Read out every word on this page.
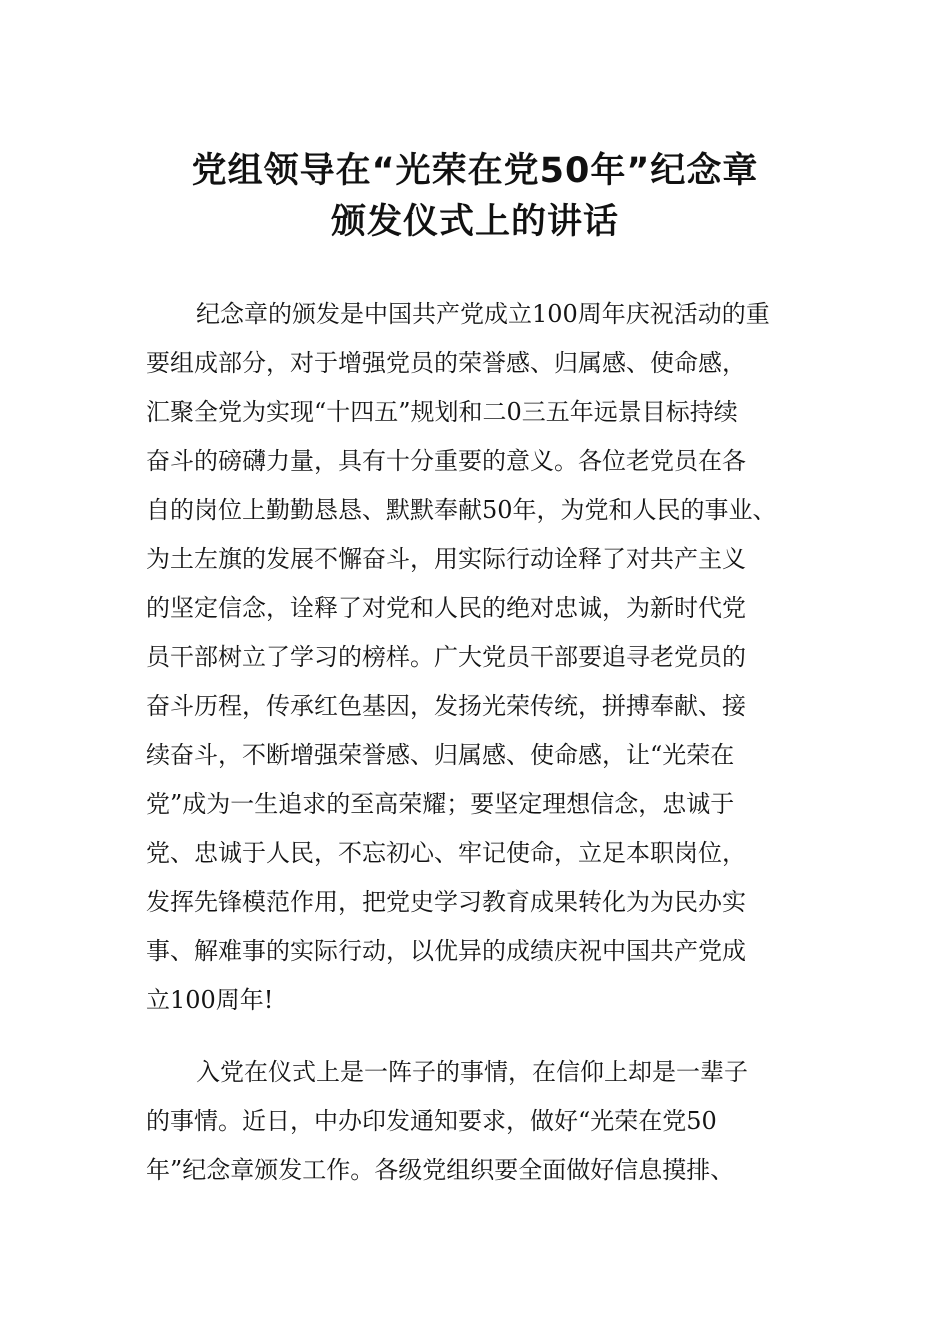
党组领导在“光荣在党50年”纪念章
颁发仪式上的讲话
纪念章的颁发是中国共产党成立100周年庆祝活动的重
要组成部分，对于增强党员的荣誉感、归属感、使命感，
汇聚全党为实现“十四五”规划和二0三五年远景目标持续
奋斗的磅礴力量，具有十分重要的意义。各位老党员在各
自的岗位上勤勤恳恳、默默奉献50年，为党和人民的事业、
为土左旗的发展不懈奋斗，用实际行动诠释了对共产主义
的坚定信念，诠释了对党和人民的绝对忠诚，为新时代党
员干部树立了学习的榜样。广大党员干部要追寻老党员的
奋斗历程，传承红色基因，发扬光荣传统，拼搏奉献、接
续奋斗，不断增强荣誉感、归属感、使命感，让“光荣在
党”成为一生追求的至高荣耀；要坚定理想信念，忠诚于
党、忠诚于人民，不忘初心、牢记使命，立足本职岗位，
发挥先锋模范作用，把党史学习教育成果转化为为民办实
事、解难事的实际行动，以优异的成绩庆祝中国共产党成
立100周年!
入党在仪式上是一阵子的事情，在信仰上却是一辈子
的事情。近日，中办印发通知要求，做好“光荣在党50
年”纪念章颁发工作。各级党组织要全面做好信息摸排、
